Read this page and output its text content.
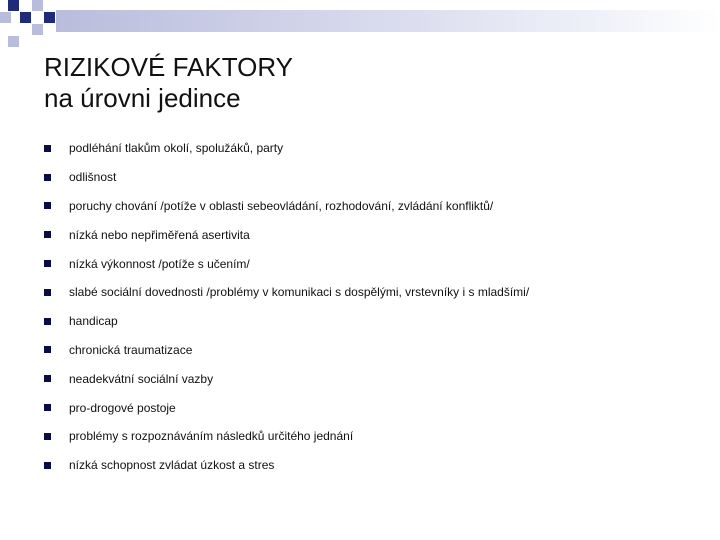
RIZIKOVÉ FAKTORY
na úrovni jedince
podléhání tlakům okolí, spolužáků, party
odlišnost
poruchy chování /potíže v oblasti sebeovládání, rozhodování, zvládání konfliktů/
nízká nebo nepřiměřená asertivita
nízká výkonnost /potíže s učením/
slabé sociální dovednosti /problémy v komunikaci s dospělými, vrstevníky i s mladšími/
handicap
chronická traumatizace
neadekvátní sociální vazby
pro-drogové postoje
problémy s rozpoznáváním následků určitého jednání
nízká schopnost zvládat úzkost a stres
